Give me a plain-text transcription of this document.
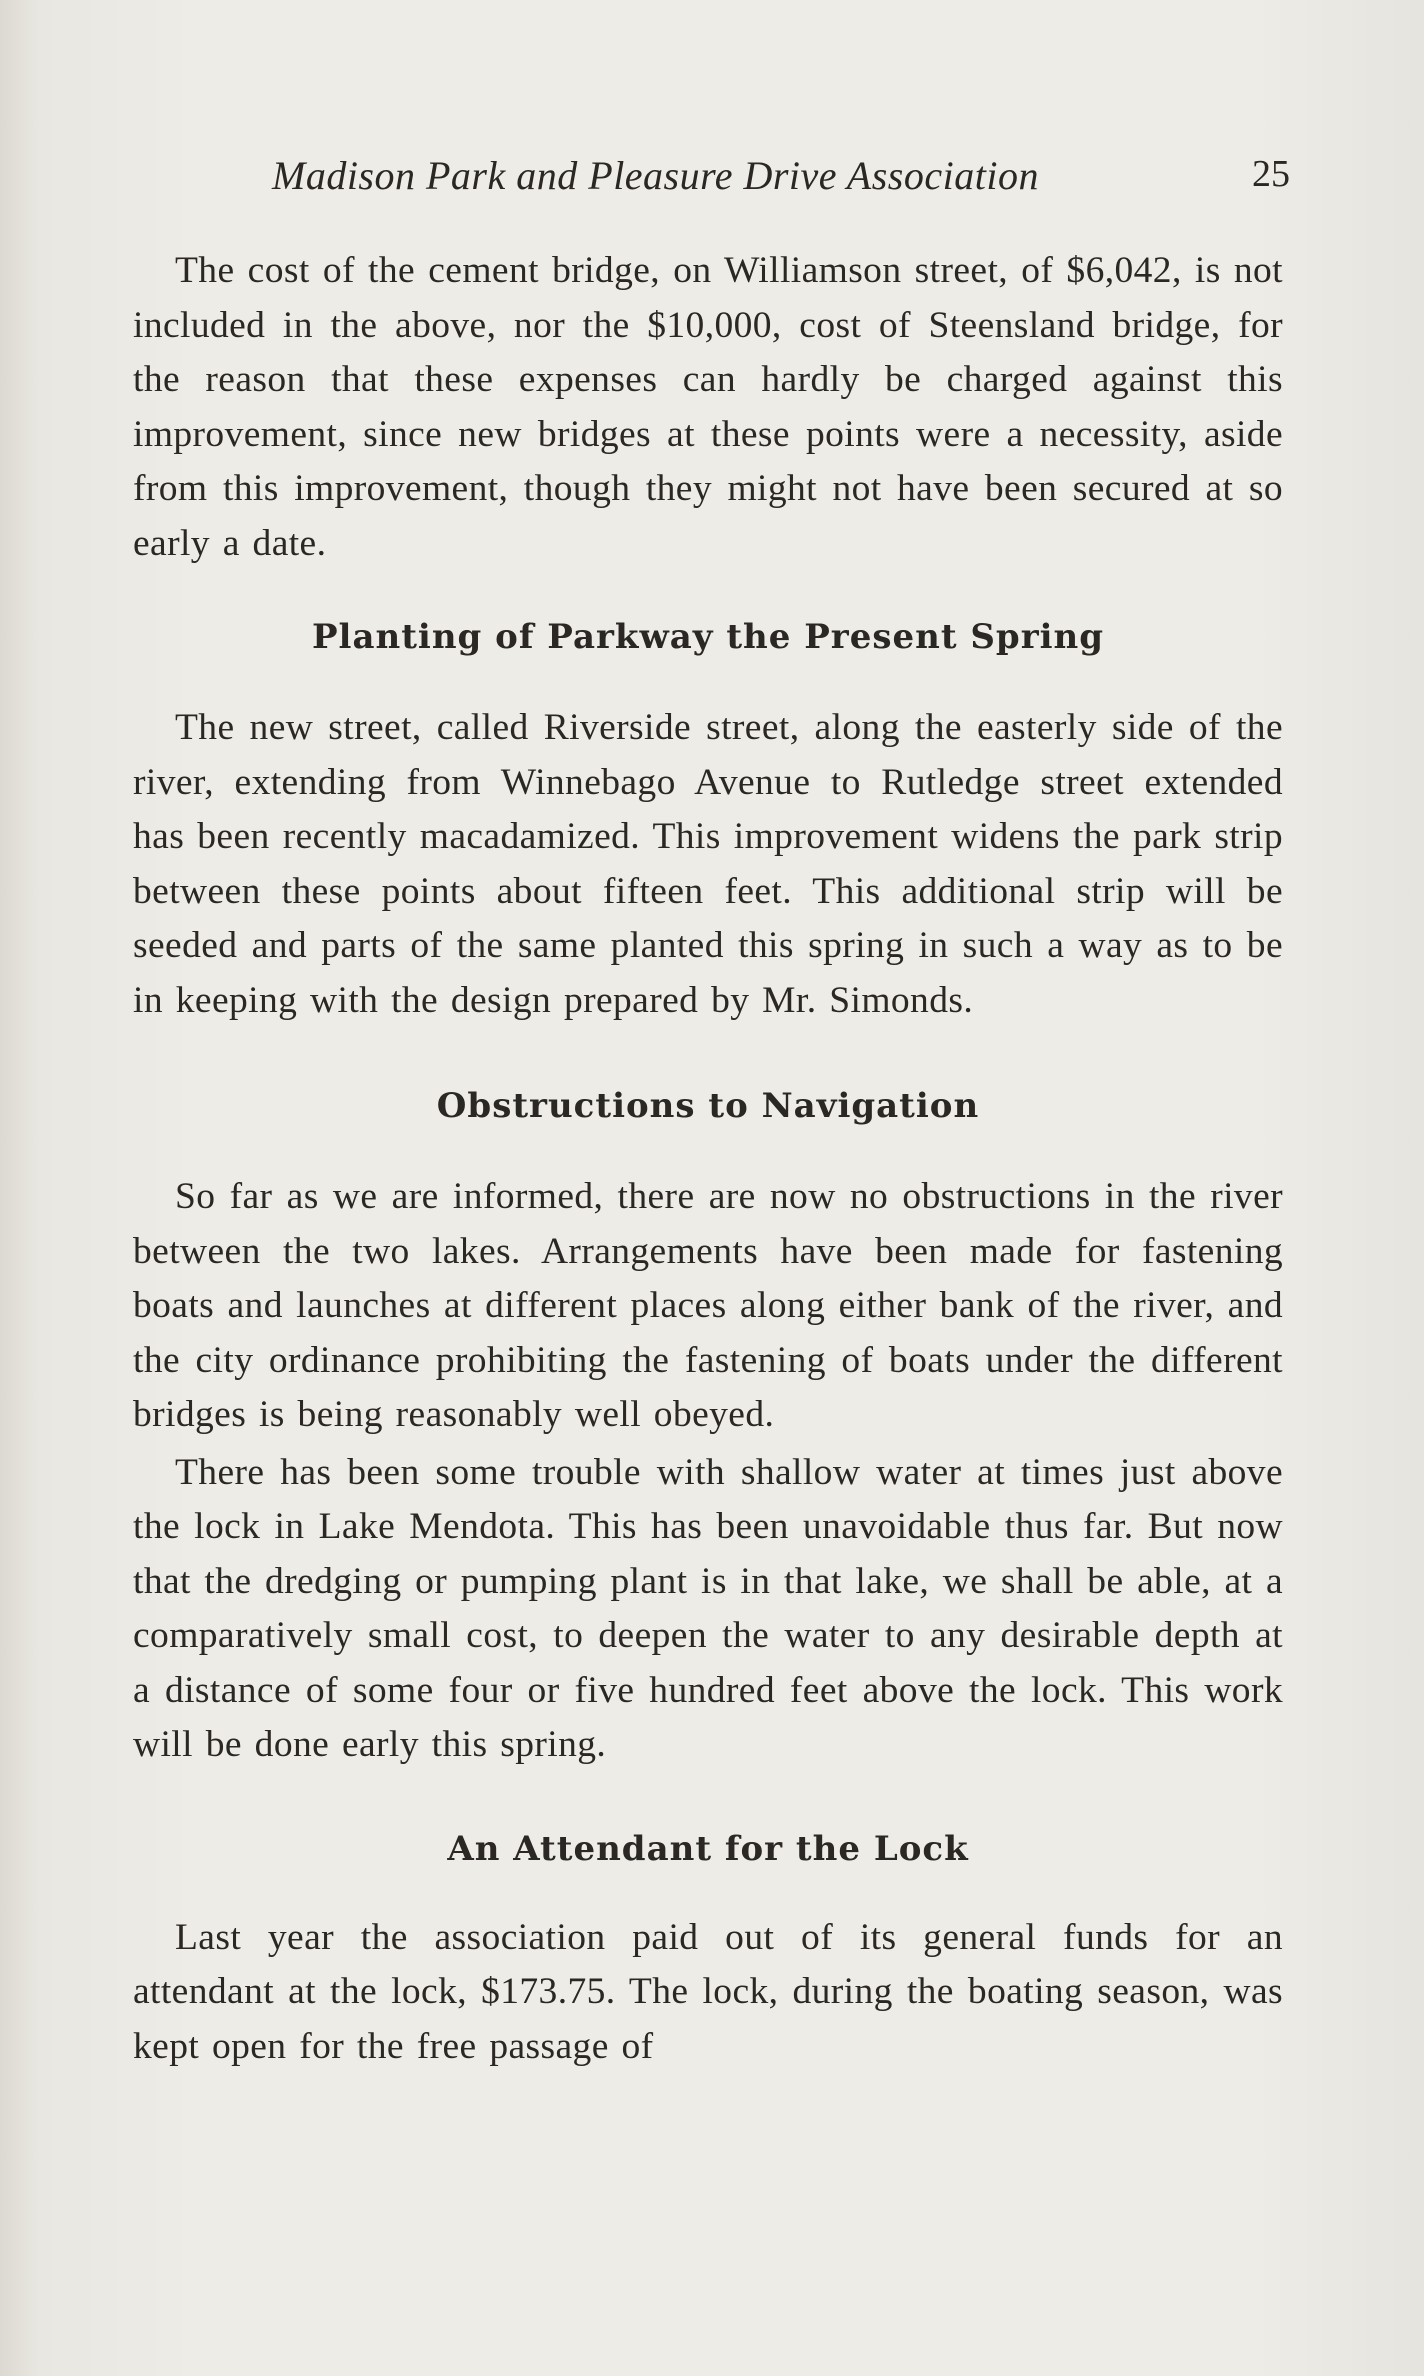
Madison Park and Pleasure Drive Association	25

The cost of the cement bridge, on Williamson street, of $6,042, is not included in the above, nor the $10,000, cost of Steensland bridge, for the reason that these expenses can hardly be charged against this improvement, since new bridges at these points were a necessity, aside from this improvement, though they might not have been secured at so early a date.

Planting of Parkway the Present Spring

The new street, called Riverside street, along the easterly side of the river, extending from Winnebago Avenue to Rutledge street extended has been recently macadamized. This improvement widens the park strip between these points about fifteen feet. This additional strip will be seeded and parts of the same planted this spring in such a way as to be in keeping with the design prepared by Mr. Simonds.

Obstructions to Navigation

So far as we are informed, there are now no obstructions in the river between the two lakes. Arrangements have been made for fastening boats and launches at different places along either bank of the river, and the city ordinance prohibiting the fastening of boats under the different bridges is being reasonably well obeyed.

There has been some trouble with shallow water at times just above the lock in Lake Mendota. This has been unavoidable thus far. But now that the dredging or pumping plant is in that lake, we shall be able, at a comparatively small cost, to deepen the water to any desirable depth at a distance of some four or five hundred feet above the lock. This work will be done early this spring.

An Attendant for the Lock

Last year the association paid out of its general funds for an attendant at the lock, $173.75. The lock, during the boating season, was kept open for the free passage of
